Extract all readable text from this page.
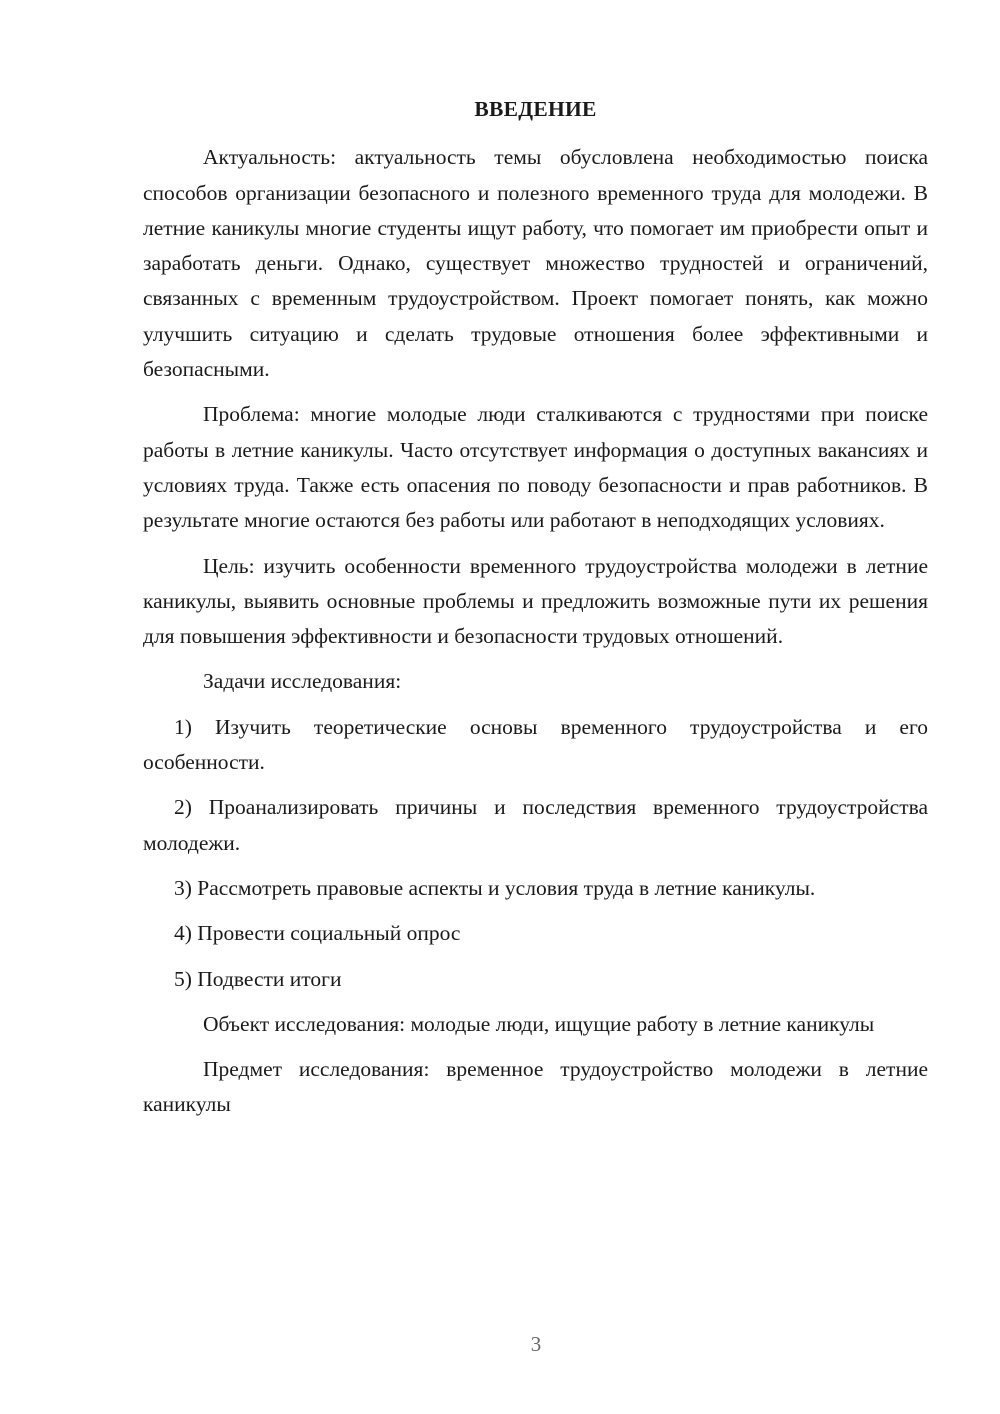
ВВЕДЕНИЕ

Актуальность: актуальность темы обусловлена необходимостью поиска способов организации безопасного и полезного временного труда для молодежи. В летние каникулы многие студенты ищут работу, что помогает им приобрести опыт и заработать деньги. Однако, существует множество трудностей и ограничений, связанных с временным трудоустройством. Проект помогает понять, как можно улучшить ситуацию и сделать трудовые отношения более эффективными и безопасными.

Проблема: многие молодые люди сталкиваются с трудностями при поиске работы в летние каникулы. Часто отсутствует информация о доступных вакансиях и условиях труда. Также есть опасения по поводу безопасности и прав работников. В результате многие остаются без работы или работают в неподходящих условиях.

Цель: изучить особенности временного трудоустройства молодежи в летние каникулы, выявить основные проблемы и предложить возможные пути их решения для повышения эффективности и безопасности трудовых отношений.

Задачи исследования:

1) Изучить теоретические основы временного трудоустройства и его особенности.

2) Проанализировать причины и последствия временного трудоустройства молодежи.

3) Рассмотреть правовые аспекты и условия труда в летние каникулы.

4) Провести социальный опрос

5) Подвести итоги

Объект исследования: молодые люди, ищущие работу в летние каникулы

Предмет исследования: временное трудоустройство молодежи в летние каникулы

3
